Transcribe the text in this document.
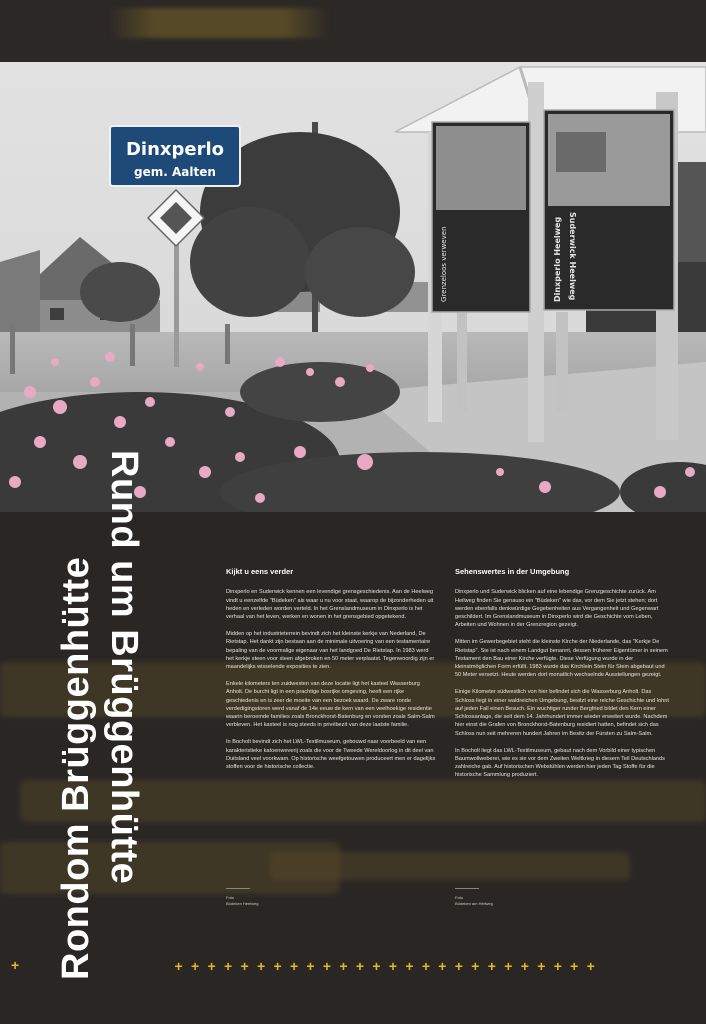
Dinxperlo
gem. Aalten
Grenzeloos verweven	Dinxperlo Heelweg Suderwick Heelweg
Rund um Brüggenhütte
Rondom Brüggenhütte	Kijkt u eens verder

Dinxperlo en Suderwick kennen een levendige grensgeschiedenis. Aan de Heelweg vindt u eenzelfde "Büdeken" als waar u nu voor staat, waarop de bijzonderheden uit heden en verleden worden verteld. In het Grenslandmuseum in Dinxperlo is het verhaal van het leven, werken en wonen in het grensgebied opgetekend.

Midden op het industrieterrein bevindt zich het kleinste kerkje van Nederland, De Rietstap. Het dankt zijn bestaan aan de minimale uitvoering van een testamentaire bepaling van de voormalige eigenaar van het landgoed De Rietstap. In 1983 werd het kerkje steen voor steen afgebroken en 50 meter verplaatst. Tegenwoordig zijn er maandelijks wisselende exposities te zien.

Enkele kilometers ten zuidwesten van deze locatie ligt het kasteel Wasserburg Anholt. De burcht ligt in een prachtige bosrijke omgeving, heeft een rijke geschiedenis en is zeer de moeite van een bezoek waard. De zware ronde verdedigingstoren werd vanaf de 14e eeuw de kern van een veelhoekige residentie waarin beroemde families zoals Bronckhorst-Batenburg en vorsten zoals Salm-Salm verbleven. Het kasteel is nog steeds in privébezit van deze laatste familie.

In Bocholt bevindt zich het LWL-Textilmuseum, gebouwd naar voorbeeld van een karakteristieke katoenweverij zoals die voor de Tweede Wereldoorlog in dit deel van Duitsland veel voorkwam. Op historische weefgetouwen produceert men er dagelijks stoffen voor de historische collectie.

Sehenswertes in der Umgebung

Dinxperlo und Suderwick blicken auf eine lebendige Grenzgeschichte zurück. Am Heilweg finden Sie genauso ein "Büdeken" wie das, vor dem Sie jetzt stehen; dort werden ebenfalls denkwürdige Gegebenheiten aus Vergangenheit und Gegenwart geschildert. Im Grenslandmuseum in Dinxperlo wird die Geschichte vom Leben, Arbeiten und Wohnen in der Grenzregion gezeigt.

Mitten im Gewerbegebiet steht die kleinste Kirche der Niederlande, das "Kerkje De Rietstap". Sie ist nach einem Landgut benannt, dessen früherer Eigentümer in seinem Testament den Bau einer Kirche verfügte. Diese Verfügung wurde in der kleinstmöglichen Form erfüllt. 1983 wurde das Kirchlein Stein für Stein abgebaut und 50 Meter versetzt. Heute werden dort monatlich wechselnde Ausstellungen gezeigt.

Einige Kilometer südwestlich von hier befindet sich die Wasserburg Anholt. Das Schloss liegt in einer waldreichen Umgebung, besitzt eine reiche Geschichte und lohnt auf jeden Fall einen Besuch. Ein wuchtiger runder Bergfried bildet den Kern einer Schlossanlage, die seit dem 14. Jahrhundert immer wieder erweitert wurde. Nachdem hier einst die Grafen von Bronckhorst-Batenburg residiert hatten, befindet sich das Schloss nun seit mehreren hundert Jahren im Besitz der Fürsten zu Salm-Salm.

In Bocholt liegt das LWL-Textilmuseum, gebaut nach dem Vorbild einer typischen Baumwollweberei, wie es sie vor dem Zweiten Weltkrieg in diesem Teil Deutschlands zahlreiche gab. Auf historischen Webstühlen werden hier jeden Tag Stoffe für die historische Sammlung produziert.

Foto
Büdeken Heelweg
Foto
Büdeken am Heilweg
+	+ + + + + + + + + + + + + + + + + + + + + + + + + +
